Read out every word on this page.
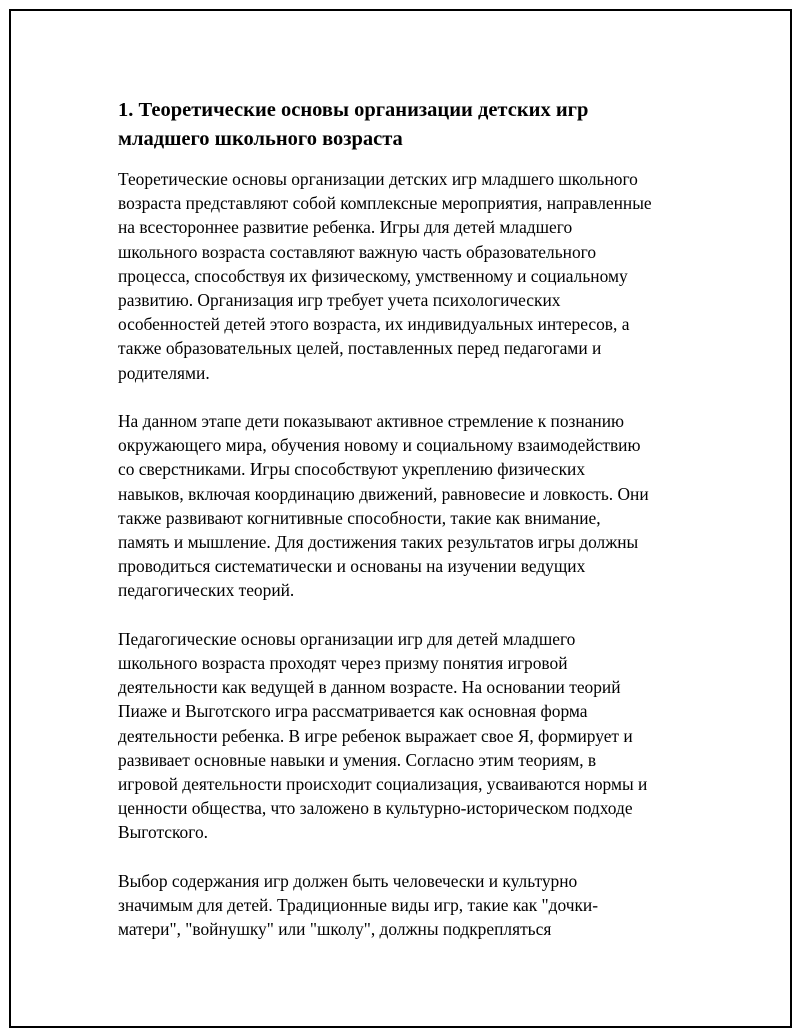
1. Теоретические основы организации детских игр
младшего школьного возраста

Теоретические основы организации детских игр младшего школьного
возраста представляют собой комплексные мероприятия, направленные
на всестороннее развитие ребенка. Игры для детей младшего
школьного возраста составляют важную часть образовательного
процесса, способствуя их физическому, умственному и социальному
развитию. Организация игр требует учета психологических
особенностей детей этого возраста, их индивидуальных интересов, а
также образовательных целей, поставленных перед педагогами и
родителями.

На данном этапе дети показывают активное стремление к познанию
окружающего мира, обучения новому и социальному взаимодействию
со сверстниками. Игры способствуют укреплению физических
навыков, включая координацию движений, равновесие и ловкость. Они
также развивают когнитивные способности, такие как внимание,
память и мышление. Для достижения таких результатов игры должны
проводиться систематически и основаны на изучении ведущих
педагогических теорий.

Педагогические основы организации игр для детей младшего
школьного возраста проходят через призму понятия игровой
деятельности как ведущей в данном возрасте. На основании теорий
Пиаже и Выготского игра рассматривается как основная форма
деятельности ребенка. В игре ребенок выражает свое Я, формирует и
развивает основные навыки и умения. Согласно этим теориям, в
игровой деятельности происходит социализация, усваиваются нормы и
ценности общества, что заложено в культурно-историческом подходе
Выготского.

Выбор содержания игр должен быть человечески и культурно
значимым для детей. Традиционные виды игр, такие как "дочки-
матери", "войнушку" или "школу", должны подкрепляться
